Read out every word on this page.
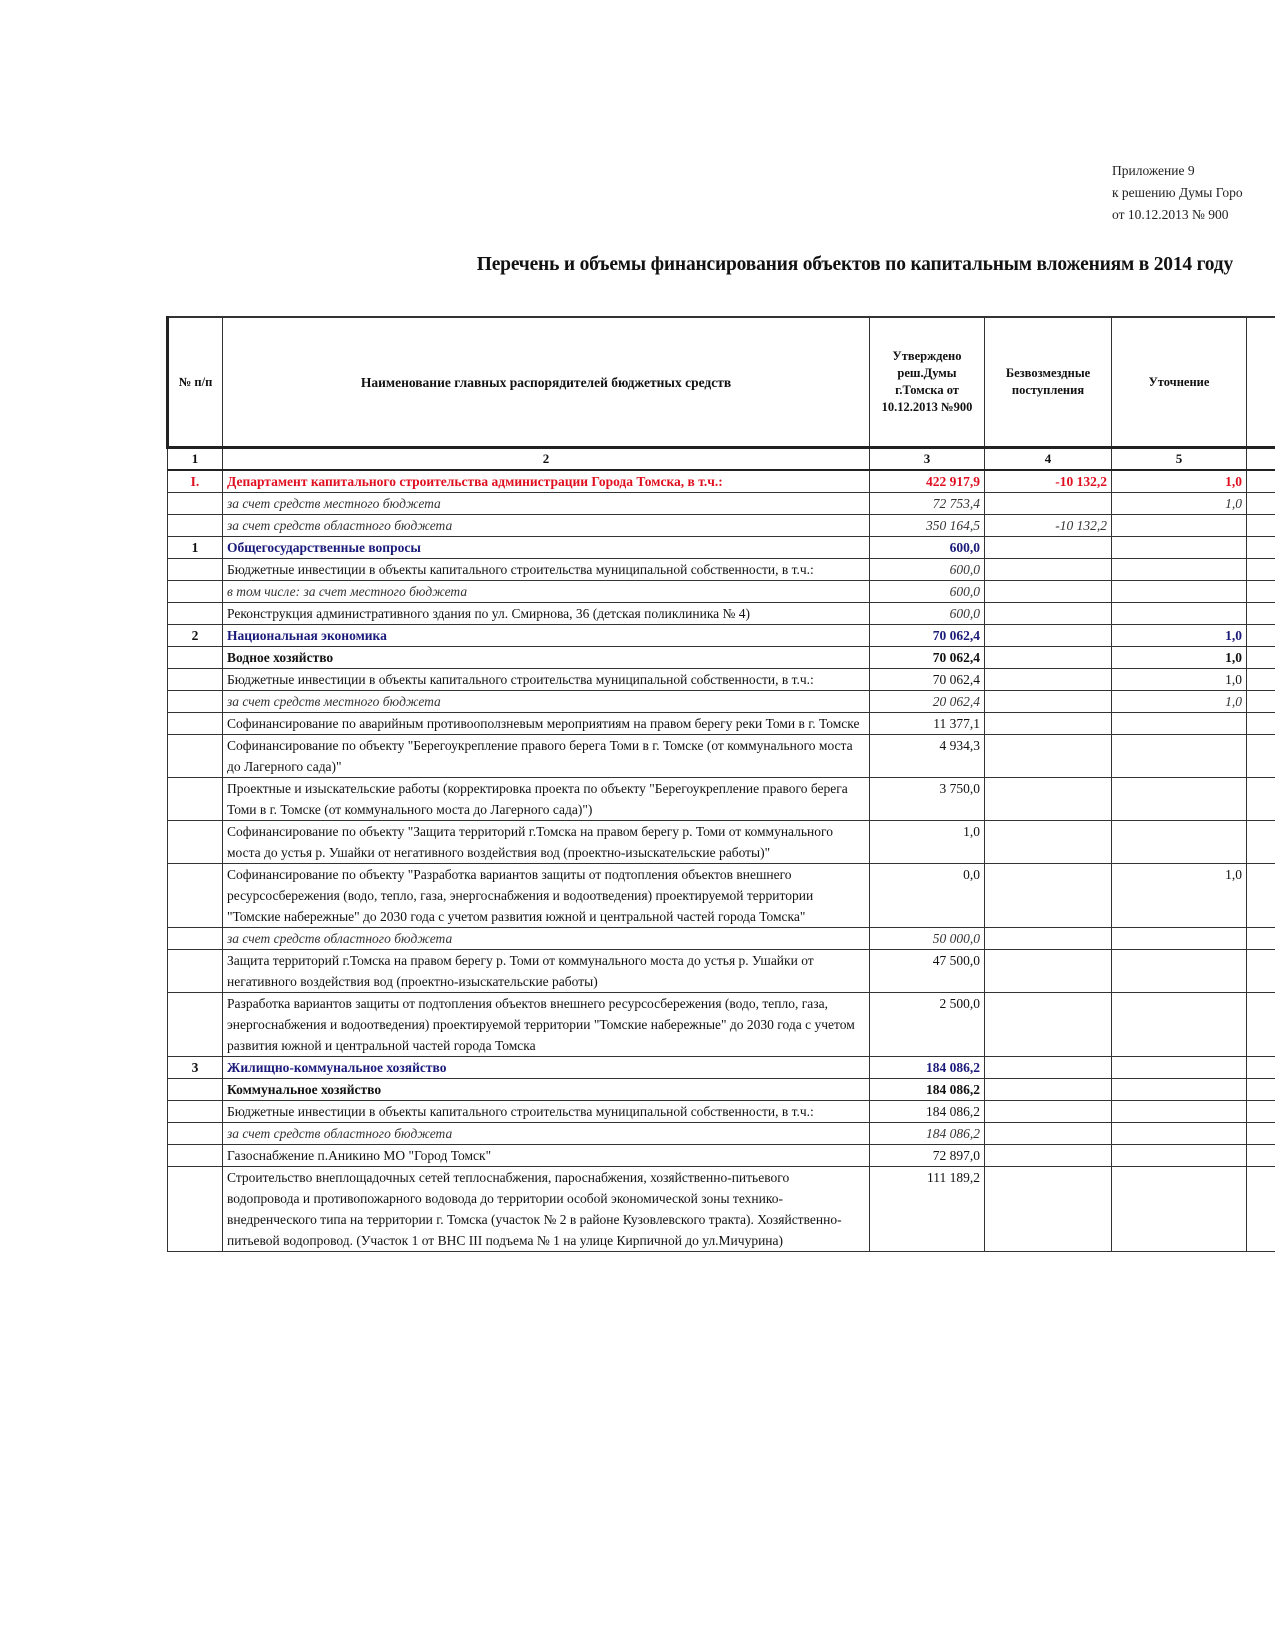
Приложение 9
к решению Думы Горо
от 10.12.2013 № 900
Перечень и объемы финансирования объектов по капитальным вложениям в 2014 году
№ п/п	Наименование главных распорядителей бюджетных средств	Утверждено реш.Думы г.Томска от 10.12.2013 №900	Безвозмездные поступления	Уточнение	
1	2	3	4	5	
I.	Департамент капитального строительства администрации Города Томска, в т.ч.:	422 917,9	-10 132,2	1,0	
	за счет средств местного бюджета	72 753,4		1,0	
	за счет средств областного бюджета	350 164,5	-10 132,2		
1	Общегосударственные вопросы	600,0			
	Бюджетные инвестиции в объекты капитального строительства муниципальной собственности, в т.ч.:	600,0			
	в том числе: за счет местного бюджета	600,0			
	Реконструкция административного здания по ул. Смирнова, 36 (детская поликлиника № 4)	600,0			
2	Национальная экономика	70 062,4		1,0	
	Водное хозяйство	70 062,4		1,0	
	Бюджетные инвестиции в объекты капитального строительства муниципальной собственности, в т.ч.:	70 062,4		1,0	
	за счет средств местного бюджета	20 062,4		1,0	
	Софинансирование по аварийным противооползневым мероприятиям на правом берегу реки Томи в г. Томске	11 377,1			
	Софинансирование по объекту "Берегоукрепление правого берега Томи в г. Томске (от коммунального моста до Лагерного сада)"	4 934,3			
	Проектные и изыскательские работы (корректировка проекта по объекту "Берегоукрепление правого берега Томи в г. Томске (от коммунального моста до Лагерного сада)")	3 750,0			
	Софинансирование по объекту "Защита территорий г.Томска на правом берегу р. Томи от коммунального моста до устья р. Ушайки от негативного воздействия вод (проектно-изыскательские работы)"	1,0			
	Софинансирование по объекту "Разработка вариантов защиты от подтопления объектов внешнего ресурсосбережения (водо, тепло, газа, энергоснабжения и водоотведения) проектируемой территории "Томские набережные" до 2030 года с учетом развития южной и центральной частей города Томска"	0,0		1,0	
	за счет средств областного бюджета	50 000,0			
	Защита территорий г.Томска на правом берегу р. Томи от коммунального моста до устья р. Ушайки от негативного воздействия вод (проектно-изыскательские работы)	47 500,0			
	Разработка вариантов защиты от подтопления объектов внешнего ресурсосбережения (водо, тепло, газа, энергоснабжения и водоотведения) проектируемой территории "Томские набережные" до 2030 года с учетом развития южной и центральной частей города Томска	2 500,0			
3	Жилищно-коммунальное хозяйство	184 086,2			
	Коммунальное хозяйство	184 086,2			
	Бюджетные инвестиции в объекты капитального строительства муниципальной собственности, в т.ч.:	184 086,2			
	за счет средств областного бюджета	184 086,2			
	Газоснабжение п.Аникино МО "Город Томск"	72 897,0			
	Строительство внеплощадочных сетей теплоснабжения, пароснабжения, хозяйственно-питьевого водопровода и противопожарного водовода до территории особой экономической зоны технико-внедренческого типа на территории г. Томска (участок № 2 в районе Кузовлевского тракта). Хозяйственно-питьевой водопровод. (Участок 1 от ВНС III подъема № 1 на улице Кирпичной до ул.Мичурина)	111 189,2			
